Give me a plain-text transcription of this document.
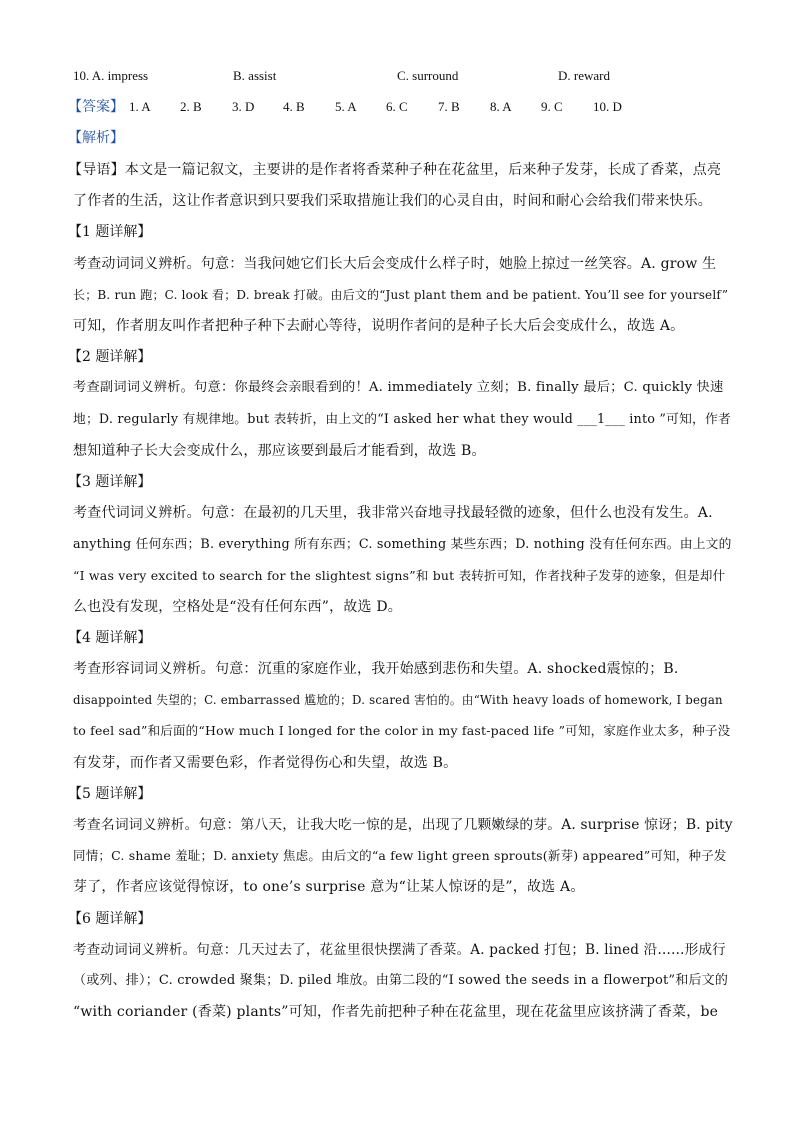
10. A. impress	B. assist	C. surround	D. reward
【答案】 1. A 2. B 3. D 4. B 5. A 6. C 7. B 8. A 9. C 10. D
【解析】
【导语】本文是一篇记叙文，主要讲的是作者将香菜种子种在花盆里，后来种子发芽，长成了香菜，点亮
了作者的生活，这让作者意识到只要我们采取措施让我们的心灵自由，时间和耐心会给我们带来快乐。
【1 题详解】
考查动词词义辨析。句意：当我问她它们长大后会变成什么样子时，她脸上掠过一丝笑容。A. grow 生
长；B. run 跑；C. look 看；D. break 打破。由后文的“Just plant them and be patient. You’ll see for yourself”
可知，作者朋友叫作者把种子种下去耐心等待，说明作者问的是种子长大后会变成什么，故选 A。
【2 题详解】
考查副词词义辨析。句意：你最终会亲眼看到的！A. immediately 立刻；B. finally 最后；C. quickly 快速
地；D. regularly 有规律地。but 表转折，由上文的“I asked her what they would ___1___ into ”可知，作者
想知道种子长大会变成什么，那应该要到最后才能看到，故选 B。
【3 题详解】
考查代词词义辨析。句意：在最初的几天里，我非常兴奋地寻找最轻微的迹象，但什么也没有发生。A.
anything 任何东西；B. everything 所有东西；C. something 某些东西；D. nothing 没有任何东西。由上文的
“I was very excited to search for the slightest signs”和 but 表转折可知，作者找种子发芽的迹象，但是却什
么也没有发现，空格处是“没有任何东西”，故选 D。
【4 题详解】
考查形容词词义辨析。句意：沉重的家庭作业，我开始感到悲伤和失望。A. shocked震惊的；B.
disappointed 失望的；C. embarrassed 尴尬的；D. scared 害怕的。由“With heavy loads of homework, I began
to feel sad”和后面的“How much I longed for the color in my fast-paced life ”可知，家庭作业太多，种子没
有发芽，而作者又需要色彩，作者觉得伤心和失望，故选 B。
【5 题详解】
考查名词词义辨析。句意：第八天，让我大吃一惊的是，出现了几颗嫩绿的芽。A. surprise 惊讶；B. pity
同情；C. shame 羞耻；D. anxiety 焦虑。由后文的“a few light green sprouts(新芽) appeared”可知，种子发
芽了，作者应该觉得惊讶，to one’s surprise 意为“让某人惊讶的是”，故选 A。
【6 题详解】
考查动词词义辨析。句意：几天过去了，花盆里很快摆满了香菜。A. packed 打包；B. lined 沿……形成行
（或列、排）；C. crowded 聚集；D. piled 堆放。由第二段的“I sowed the seeds in a flowerpot”和后文的
“with coriander (香菜) plants”可知，作者先前把种子种在花盆里，现在花盆里应该挤满了香菜，be
